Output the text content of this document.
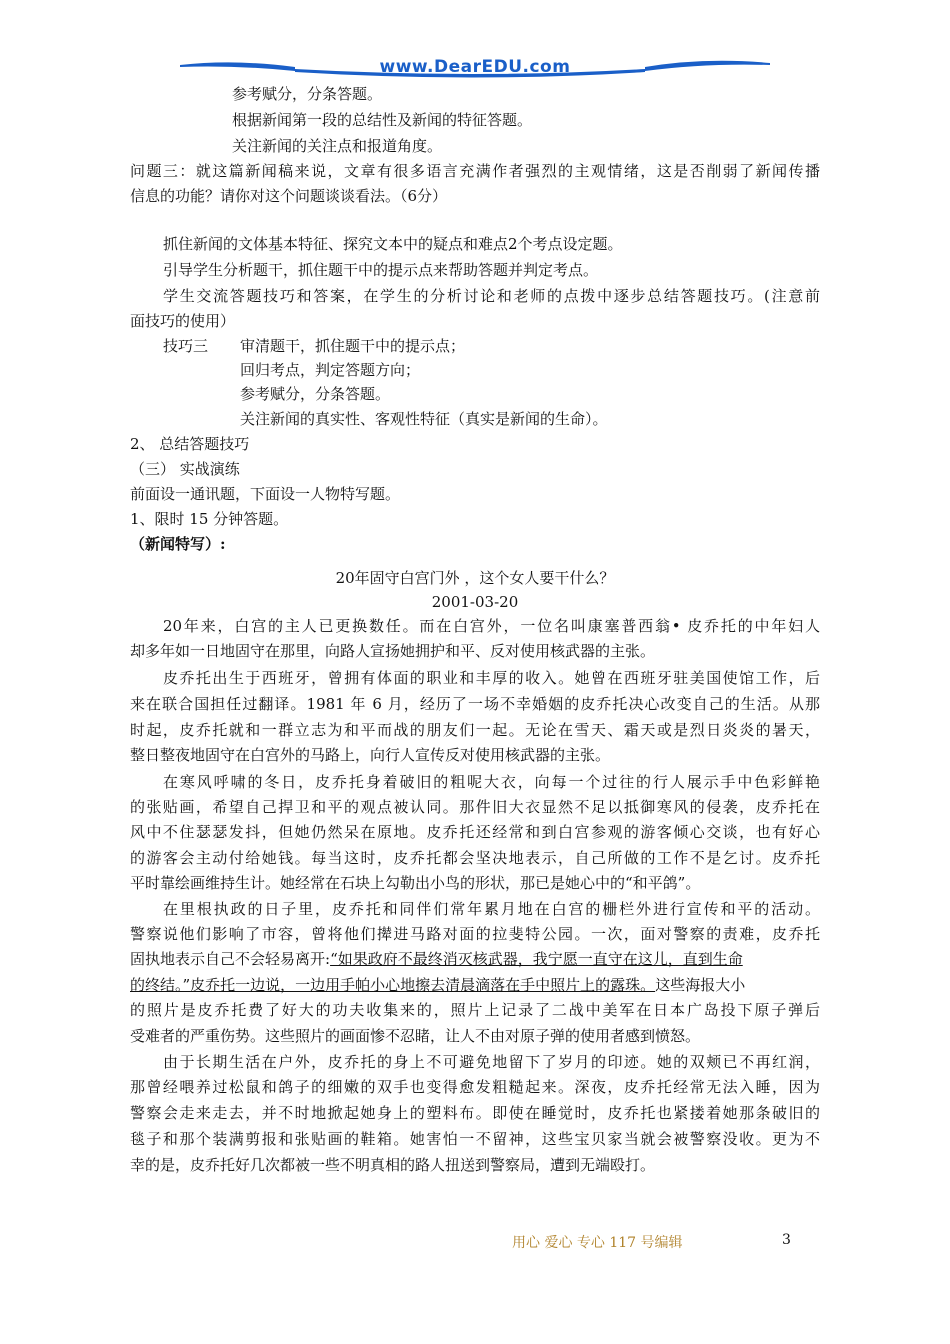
www.DearEDU.com
参考赋分，分条答题。
根据新闻第一段的总结性及新闻的特征答题。
关注新闻的关注点和报道角度。
问题三：就这篇新闻稿来说，文章有很多语言充满作者强烈的主观情绪，这是否削弱了新闻传播
信息的功能？请你对这个问题谈谈看法。（6分）
抓住新闻的文体基本特征、探究文本中的疑点和难点2个考点设定题。
引导学生分析题干，抓住题干中的提示点来帮助答题并判定考点。
学生交流答题技巧和答案，在学生的分析讨论和老师的点拨中逐步总结答题技巧。(注意前
面技巧的使用）
技巧三 审清题干，抓住题干中的提示点；
回归考点，判定答题方向；
参考赋分，分条答题。
关注新闻的真实性、客观性特征（真实是新闻的生命）。
2、 总结答题技巧
（三） 实战演练
前面设一通讯题，下面设一人物特写题。
1、限时 15 分钟答题。
（新闻特写）:
20年固守白宫门外 ，这个女人要干什么？
2001-03-20
20年来，白宫的主人已更换数任。而在白宫外，一位名叫康塞普西翁• 皮乔托的中年妇人
却多年如一日地固守在那里，向路人宣扬她拥护和平、反对使用核武器的主张。
皮乔托出生于西班牙，曾拥有体面的职业和丰厚的收入。她曾在西班牙驻美国使馆工作，后
来在联合国担任过翻译。1981 年 6 月，经历了一场不幸婚姻的皮乔托决心改变自己的生活。从那
时起，皮乔托就和一群立志为和平而战的朋友们一起。无论在雪天、霜天或是烈日炎炎的暑天，
整日整夜地固守在白宫外的马路上，向行人宣传反对使用核武器的主张。
在寒风呼啸的冬日，皮乔托身着破旧的粗呢大衣，向每一个过往的行人展示手中色彩鲜艳
的张贴画，希望自己捍卫和平的观点被认同。那件旧大衣显然不足以抵御寒风的侵袭，皮乔托在
风中不住瑟瑟发抖，但她仍然呆在原地。皮乔托还经常和到白宫参观的游客倾心交谈，也有好心
的游客会主动付给她钱。每当这时，皮乔托都会坚决地表示，自己所做的工作不是乞讨。皮乔托
平时靠绘画维持生计。她经常在石块上勾勒出小鸟的形状，那已是她心中的“和平鸽”。
在里根执政的日子里，皮乔托和同伴们常年累月地在白宫的栅栏外进行宣传和平的活动。
警察说他们影响了市容，曾将他们撵进马路对面的拉斐特公园。一次，面对警察的责难，皮乔托
固执地表示自己不会轻易离开:“如果政府不最终消灭核武器，我宁愿一直守在这儿，直到生命
的终结。”皮乔托一边说，一边用手帕小心地擦去清晨滴落在手中照片上的露珠。这些海报大小
的照片是皮乔托费了好大的功夫收集来的，照片上记录了二战中美军在日本广岛投下原子弹后
受难者的严重伤势。这些照片的画面惨不忍睹，让人不由对原子弹的使用者感到愤怒。
由于长期生活在户外，皮乔托的身上不可避免地留下了岁月的印迹。她的双颊已不再红润，
那曾经喂养过松鼠和鸽子的细嫩的双手也变得愈发粗糙起来。深夜，皮乔托经常无法入睡，因为
警察会走来走去，并不时地掀起她身上的塑料布。即使在睡觉时，皮乔托也紧搂着她那条破旧的
毯子和那个装满剪报和张贴画的鞋箱。她害怕一不留神，这些宝贝家当就会被警察没收。更为不
幸的是，皮乔托好几次都被一些不明真相的路人扭送到警察局，遭到无端殴打。
用心 爱心 专心 117 号编辑	3
